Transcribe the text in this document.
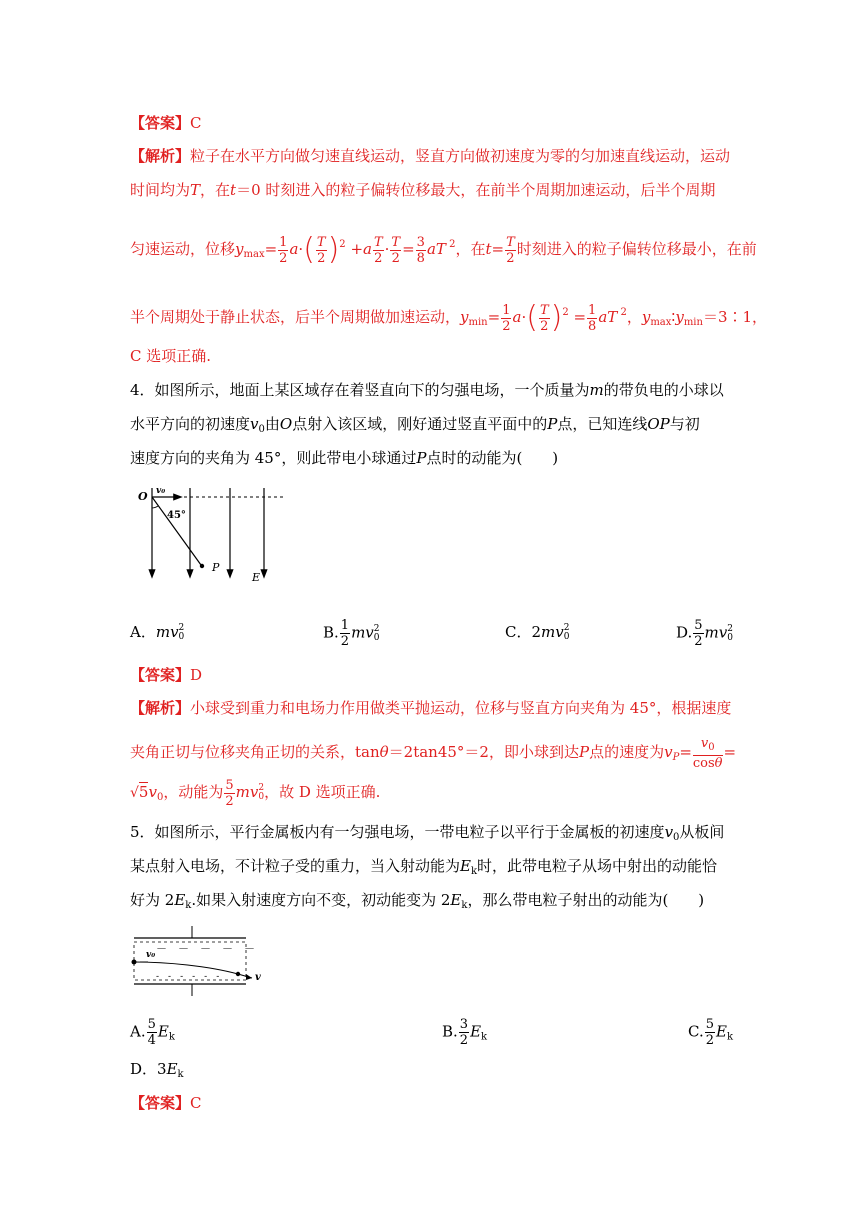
【答案】C
【解析】粒子在水平方向做匀速直线运动，竖直方向做初速度为零的匀加速直线运动，运动
时间均为T，在t＝0 时刻进入的粒子偏转位移最大，在前半个周期加速运动，后半个周期
匀速运动，位移$y_{max}= \frac{1}{2} a\cdot( \frac{T}{2} )^2 +a \frac{T}{2} \cdot \frac{T}{2} = \frac{3}{8}$ aT $^2$，在$t= \frac{T}{2}$ 时刻进入的粒子偏转位移最小，在前
半个周期处于静止状态，后半个周期做加速运动，$y_{min}= \frac{1}{2} a\cdot( \frac{T}{2} )^2 = \frac{1}{8}$ aT $^2$，$y_{max}∶y_{min}=3∶1$，
C 选项正确.
4．如图所示，地面上某区域存在着竖直向下的匀强电场，一个质量为m的带负电的小球以
水平方向的初速度$v_0$由O点射入该区域，刚好通过竖直平面中的P点，已知连线OP与初
速度方向的夹角为 45°，则此带电小球通过P点时的动能为(　　)
O v₀
45°
P
E
A．mv2
0	B. $\frac{1}{2} mv2$
0	C．2mv2
0	D. $\frac{5}{2} mv2$
0
【答案】D
【解析】小球受到重力和电场力作用做类平抛运动，位移与竖直方向夹角为 45°，根据速度
夹角正切与位移夹角正切的关系，tanθ＝2tan45°＝2，即小球到达P点的速度为$v_P= \frac{v_0}{\cos\theta}$ =
$√5v_0$，动能为 $\frac{5}{2} mv2$
0，故 D 选项正确.
5．如图所示，平行金属板内有一匀强电场，一带电粒子以平行于金属板的初速度$v_0$从板间
某点射入电场，不计粒子受的重力，当入射动能为$E_k$时，此带电粒子从场中射出的动能恰
好为 $2E_k$.如果入射速度方向不变，初动能变为 $2E_k$，那么带电粒子射出的动能为(　　)
－　－　－　－　－
-　-　-　-　-　-
v₀
v
A. $\frac{5}{4} E_k$	B. $\frac{3}{2} E_k$	C. $\frac{5}{2} E_k$
D．$3E_k$
【答案】C
